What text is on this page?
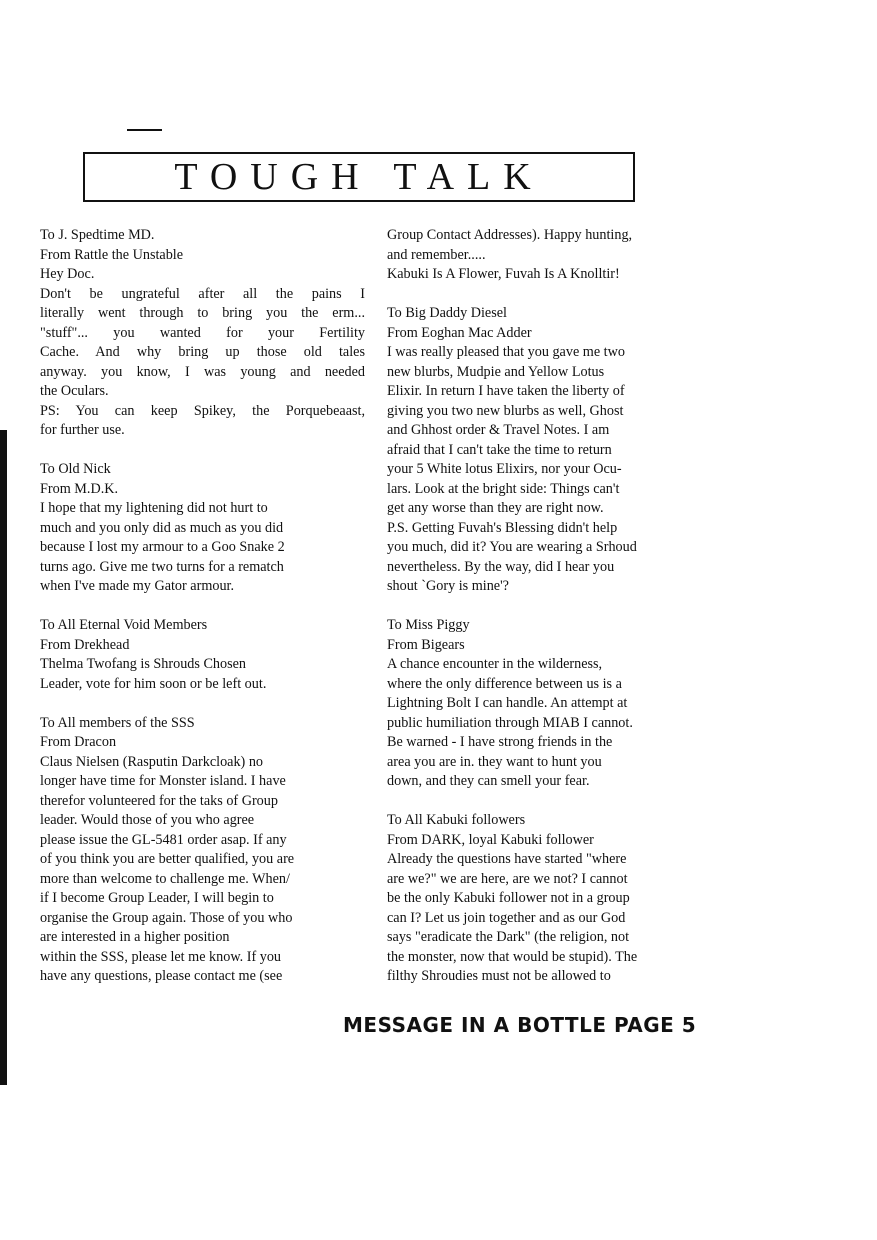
TOUGH TALK
To J. Spedtime MD.
From Rattle the Unstable
Hey Doc.
Don't be ungrateful after all the pains I
literally went through to bring you the erm...
"stuff"... you wanted for your Fertility
Cache. And why bring up those old tales
anyway. you know, I was young and needed
the Oculars.
PS: You can keep Spikey, the Porquebeaast,
for further use.
To Old Nick
From M.D.K.
I hope that my lightening did not hurt to
much and you only did as much as you did
because I lost my armour to a Goo Snake 2
turns ago. Give me two turns for a rematch
when I've made my Gator armour.
To All Eternal Void Members
From Drekhead
Thelma Twofang is Shrouds Chosen
Leader, vote for him soon or be left out.
To All members of the SSS
From Dracon
Claus Nielsen (Rasputin Darkcloak) no
longer have time for Monster island. I have
therefor volunteered for the taks of Group
leader. Would those of you who agree
please issue the GL-5481 order asap. If any
of you think you are better qualified, you are
more than welcome to challenge me. When/
if I become Group Leader, I will begin to
organise the Group again. Those of you who
are interested in a higher position
within the SSS, please let me know. If you
have any questions, please contact me (see
Group Contact Addresses). Happy hunting,
and remember.....
Kabuki Is A Flower, Fuvah Is A Knolltir!
To Big Daddy Diesel
From Eoghan Mac Adder
I was really pleased that you gave me two
new blurbs, Mudpie and Yellow Lotus
Elixir. In return I have taken the liberty of
giving you two new blurbs as well, Ghost
and Ghhost order & Travel Notes. I am
afraid that I can't take the time to return
your 5 White lotus Elixirs, nor your Ocu-
lars. Look at the bright side: Things can't
get any worse than they are right now.
P.S. Getting Fuvah's Blessing didn't help
you much, did it? You are wearing a Srhoud
nevertheless. By the way, did I hear you
shout `Gory is mine'?
To Miss Piggy
From Bigears
A chance encounter in the wilderness,
where the only difference between us is a
Lightning Bolt I can handle. An attempt at
public humiliation through MIAB I cannot.
Be warned - I have strong friends in the
area you are in. they want to hunt you
down, and they can smell your fear.
To All Kabuki followers
From DARK, loyal Kabuki follower
Already the questions have started "where
are we?" we are here, are we not? I cannot
be the only Kabuki follower not in a group
can I? Let us join together and as our God
says "eradicate the Dark" (the religion, not
the monster, now that would be stupid). The
filthy Shroudies must not be allowed to
MESSAGE IN A BOTTLE PAGE 5
